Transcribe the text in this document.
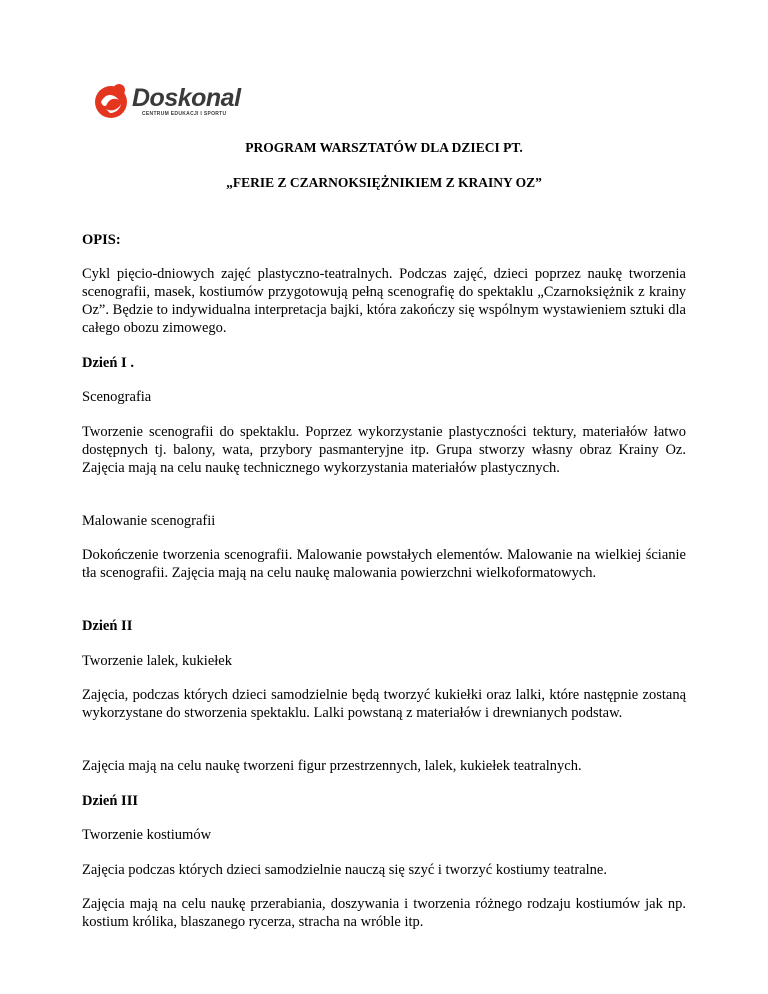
Doskonal
CENTRUM EDUKACJI I SPORTU
PROGRAM WARSZTATÓW DLA DZIECI PT.
„FERIE Z CZARNOKSIĘŻNIKIEM Z KRAINY OZ”

OPIS:

Cykl pięcio-dniowych zajęć plastyczno-teatralnych. Podczas zajęć, dzieci poprzez naukę tworzenia scenografii, masek, kostiumów przygotowują pełną scenografię do spektaklu „Czarnoksiężnik z krainy Oz”. Będzie to indywidualna interpretacja bajki, która zakończy się wspólnym wystawieniem sztuki dla całego obozu zimowego.

Dzień I .

Scenografia

Tworzenie scenografii do spektaklu. Poprzez wykorzystanie plastyczności tektury, materiałów łatwo dostępnych tj. balony, wata, przybory pasmanteryjne itp. Grupa stworzy własny obraz Krainy Oz. Zajęcia mają na celu naukę technicznego wykorzystania materiałów plastycznych.

Malowanie scenografii

Dokończenie tworzenia scenografii. Malowanie powstałych elementów. Malowanie na wielkiej ścianie tła scenografii. Zajęcia mają na celu naukę malowania powierzchni wielkoformatowych.

Dzień II

Tworzenie lalek, kukiełek

Zajęcia, podczas których dzieci samodzielnie będą tworzyć kukiełki oraz lalki, które następnie zostaną wykorzystane do stworzenia spektaklu. Lalki powstaną z materiałów i drewnianych podstaw.

Zajęcia mają na celu naukę tworzeni figur przestrzennych, lalek, kukiełek teatralnych.

Dzień III

Tworzenie kostiumów

Zajęcia podczas których dzieci samodzielnie nauczą się szyć i tworzyć kostiumy teatralne.

Zajęcia mają na celu naukę przerabiania, doszywania i tworzenia różnego rodzaju kostiumów jak np. kostium królika, blaszanego rycerza, stracha na wróble itp.
